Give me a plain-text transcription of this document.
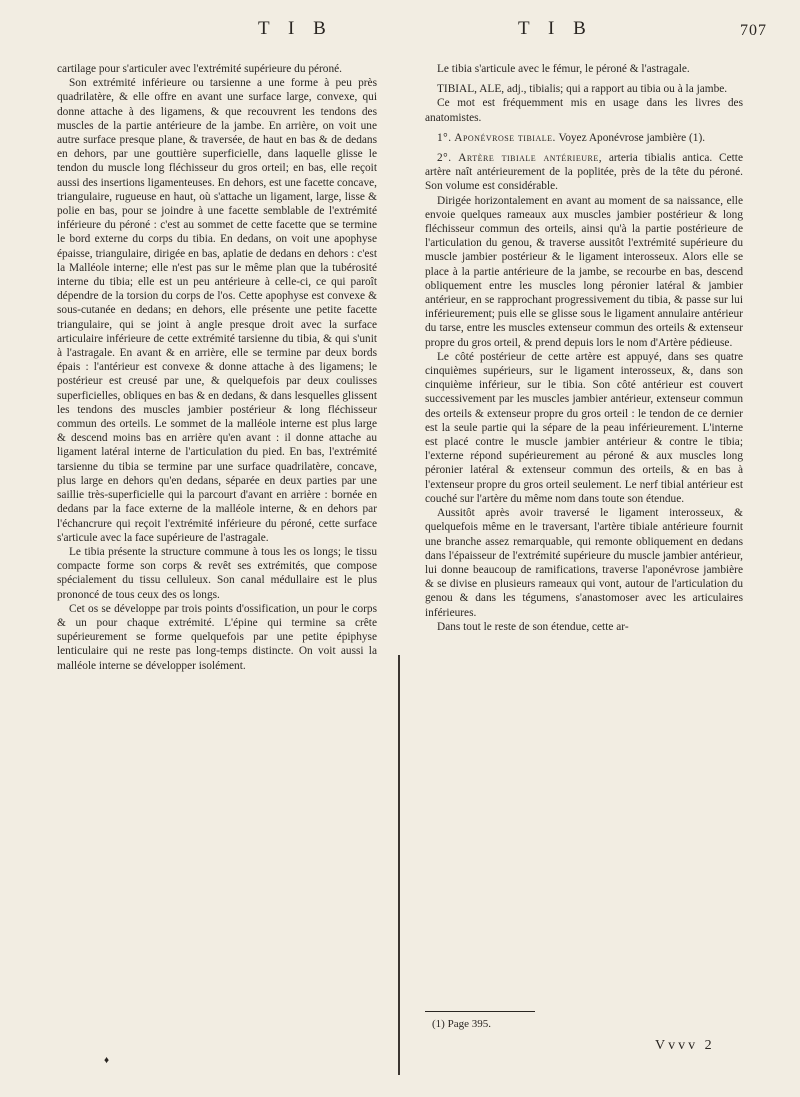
T I B	T I B	707

cartilage pour s'articuler avec l'extrémité supérieure du péroné.

Son extrémité inférieure ou tarsienne a une forme à peu près quadrilatère, & elle offre en avant une surface large, convexe, qui donne attache à des ligamens, & que recouvrent les tendons des muscles de la partie antérieure de la jambe. En arrière, on voit une autre surface presque plane, & traversée, de haut en bas & de dedans en dehors, par une gouttière superficielle, dans laquelle glisse le tendon du muscle long fléchisseur du gros orteil; en bas, elle reçoit aussi des insertions ligamenteuses. En dehors, est une facette concave, triangulaire, rugueuse en haut, où s'attache un ligament, large, lisse & polie en bas, pour se joindre à une facette semblable de l'extrémité inférieure du péroné : c'est au sommet de cette facette que se termine le bord externe du corps du tibia. En dedans, on voit une apophyse épaisse, triangulaire, dirigée en bas, aplatie de dedans en dehors : c'est la Malléole interne; elle n'est pas sur le même plan que la tubérosité interne du tibia; elle est un peu antérieure à celle-ci, ce qui paroît dépendre de la torsion du corps de l'os. Cette apophyse est convexe & sous-cutanée en dedans; en dehors, elle présente une petite facette triangulaire, qui se joint à angle presque droit avec la surface articulaire inférieure de cette extrémité tarsienne du tibia, & qui s'unit à l'astragale. En avant & en arrière, elle se termine par deux bords épais : l'antérieur est convexe & donne attache à des ligamens; le postérieur est creusé par une, & quelquefois par deux coulisses superficielles, obliques en bas & en dedans, & dans lesquelles glissent les tendons des muscles jambier postérieur & long fléchisseur commun des orteils. Le sommet de la malléole interne est plus large & descend moins bas en arrière qu'en avant : il donne attache au ligament latéral interne de l'articulation du pied. En bas, l'extrémité tarsienne du tibia se termine par une surface quadrilatère, concave, plus large en dehors qu'en dedans, séparée en deux parties par une saillie très-superficielle qui la parcourt d'avant en arrière : bornée en dedans par la face externe de la malléole interne, & en dehors par l'échancrure qui reçoit l'extrémité inférieure du péroné, cette surface s'articule avec la face supérieure de l'astragale.

Le tibia présente la structure commune à tous les os longs; le tissu compacte forme son corps & revêt ses extrémités, que compose spécialement du tissu celluleux. Son canal médullaire est le plus prononcé de tous ceux des os longs.

Cet os se développe par trois points d'ossification, un pour le corps & un pour chaque extrémité. L'épine qui termine sa crête supérieurement se forme quelquefois par une petite épiphyse lenticulaire qui ne reste pas long-temps distincte. On voit aussi la malléole interne se développer isolément.

Le tibia s'articule avec le fémur, le péroné & l'astragale.

TIBIAL, ALE, adj., tibialis; qui a rapport au tibia ou à la jambe.

Ce mot est fréquemment mis en usage dans les livres des anatomistes.

1°. Aponévrose tibiale. Voyez Aponévrose jambière (1).

2°. Artère tibiale antérieure, arteria tibialis antica. Cette artère naît antérieurement de la poplitée, près de la tête du péroné. Son volume est considérable.

Dirigée horizontalement en avant au moment de sa naissance, elle envoie quelques rameaux aux muscles jambier postérieur & long fléchisseur commun des orteils, ainsi qu'à la partie postérieure de l'articulation du genou, & traverse aussitôt l'extrémité supérieure du muscle jambier postérieur & le ligament interosseux. Alors elle se place à la partie antérieure de la jambe, se recourbe en bas, descend obliquement entre les muscles long péronier latéral & jambier antérieur, en se rapprochant progressivement du tibia, & passe sur lui inférieurement; puis elle se glisse sous le ligament annulaire antérieur du tarse, entre les muscles extenseur commun des orteils & extenseur propre du gros orteil, & prend depuis lors le nom d'Artère pédieuse.

Le côté postérieur de cette artère est appuyé, dans ses quatre cinquièmes supérieurs, sur le ligament interosseux, &, dans son cinquième inférieur, sur le tibia. Son côté antérieur est couvert successivement par les muscles jambier antérieur, extenseur commun des orteils & extenseur propre du gros orteil : le tendon de ce dernier est la seule partie qui la sépare de la peau inférieurement. L'interne est placé contre le muscle jambier antérieur & contre le tibia; l'externe répond supérieurement au péroné & aux muscles long péronier latéral & extenseur commun des orteils, & en bas à l'extenseur propre du gros orteil seulement. Le nerf tibial antérieur est couché sur l'artère du même nom dans toute son étendue.

Aussitôt après avoir traversé le ligament interosseux, & quelquefois même en le traversant, l'artère tibiale antérieure fournit une branche assez remarquable, qui remonte obliquement en dedans dans l'épaisseur de l'extrémité supérieure du muscle jambier antérieur, lui donne beaucoup de ramifications, traverse l'aponévrose jambière & se divise en plusieurs rameaux qui vont, autour de l'articulation du genou & dans les tégumens, s'anastomoser avec les articulaires inférieures.

Dans tout le reste de son étendue, cette ar-

(1) Page 395.
Vvvv 2
♦
